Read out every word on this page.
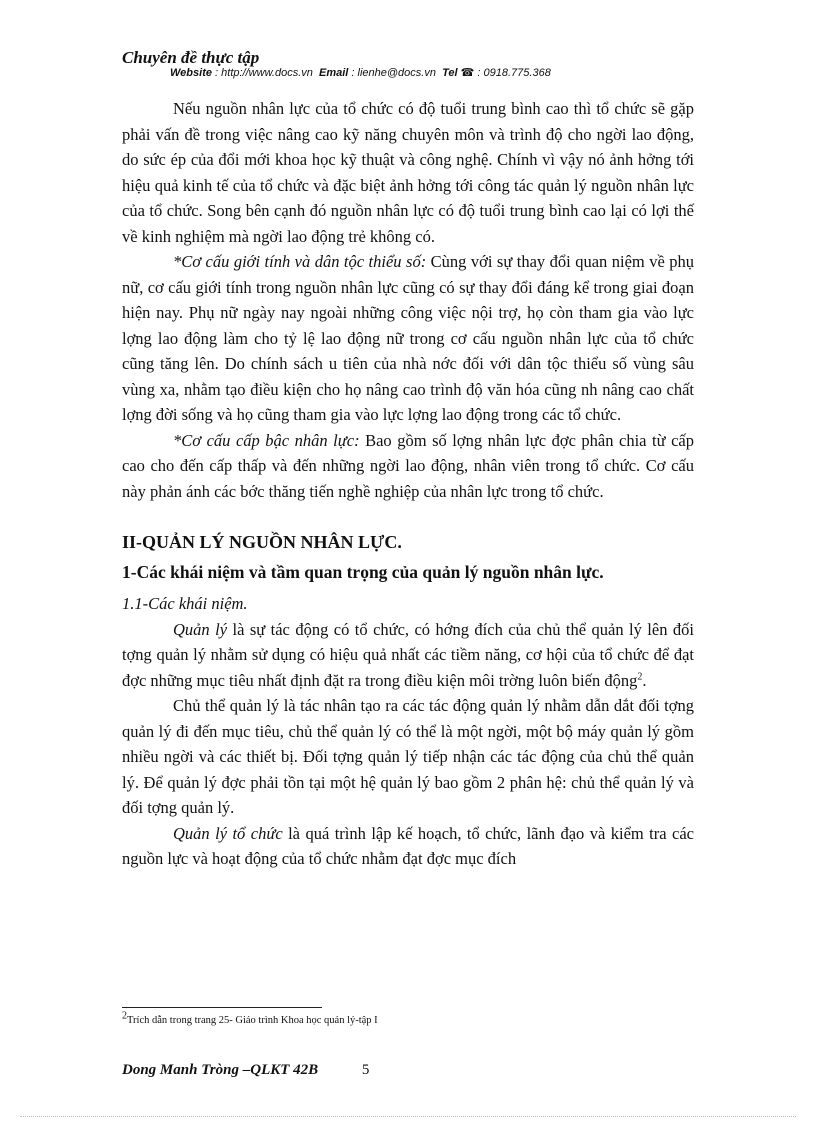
Chuyên đề thực tập
Website : http://www.docs.vn Email : lienhe@docs.vn Tel ☎ : 0918.775.368

Nếu nguồn nhân lực của tổ chức có độ tuổi trung bình cao thì tổ chức sẽ gặp phải vấn đề trong việc nâng cao kỹ năng chuyên môn và trình độ cho ngời lao động, do sức ép của đổi mới khoa học kỹ thuật và công nghệ. Chính vì vậy nó ảnh hởng tới hiệu quả kinh tế của tổ chức và đặc biệt ảnh hởng tới công tác quản lý nguồn nhân lực của tổ chức. Song bên cạnh đó nguồn nhân lực có độ tuổi trung bình cao lại có lợi thế về kinh nghiệm mà ngời lao động trẻ không có.

*Cơ cấu giới tính và dân tộc thiểu số: Cùng với sự thay đổi quan niệm về phụ nữ, cơ cấu giới tính trong nguồn nhân lực cũng có sự thay đổi đáng kể trong giai đoạn hiện nay. Phụ nữ ngày nay ngoài những công việc nội trợ, họ còn tham gia vào lực lợng lao động làm cho tỷ lệ lao động nữ trong cơ cấu nguồn nhân lực của tổ chức cũng tăng lên. Do chính sách u tiên của nhà nớc đối với dân tộc thiểu số vùng sâu vùng xa, nhằm tạo điều kiện cho họ nâng cao trình độ văn hóa cũng nh nâng cao chất lợng đời sống và họ cũng tham gia vào lực lợng lao động trong các tổ chức.

*Cơ cấu cấp bậc nhân lực: Bao gồm số lợng nhân lực đợc phân chia từ cấp cao cho đến cấp thấp và đến những ngời lao động, nhân viên trong tổ chức. Cơ cấu này phản ánh các bớc thăng tiến nghề nghiệp của nhân lực trong tổ chức.

II-QUẢN LÝ NGUỒN NHÂN LỰC.

1-Các khái niệm và tầm quan trọng của quản lý nguồn nhân lực.

1.1-Các khái niệm.

Quản lý là sự tác động có tổ chức, có hớng đích của chủ thể quản lý lên đối tợng quản lý nhằm sử dụng có hiệu quả nhất các tiềm năng, cơ hội của tổ chức để đạt đợc những mục tiêu nhất định đặt ra trong điều kiện môi trờng luôn biến động$^2$.

Chủ thể quản lý là tác nhân tạo ra các tác động quản lý nhằm dẫn dắt đối tợng quản lý đi đến mục tiêu, chủ thể quản lý có thể là một ngời, một bộ máy quản lý gồm nhiều ngời và các thiết bị. Đối tợng quản lý tiếp nhận các tác động của chủ thể quản lý. Để quản lý đợc phải tồn tại một hệ quản lý bao gồm 2 phân hệ: chủ thể quản lý và đối tợng quản lý.

Quản lý tổ chức là quá trình lập kế hoạch, tổ chức, lãnh đạo và kiểm tra các nguồn lực và hoạt động của tổ chức nhằm đạt đợc mục đích

$^2$Trích dẫn trong trang 25- Giáo trình Khoa học quản lý-tập I
Dong Manh Tròng –QLKT 42B	5
